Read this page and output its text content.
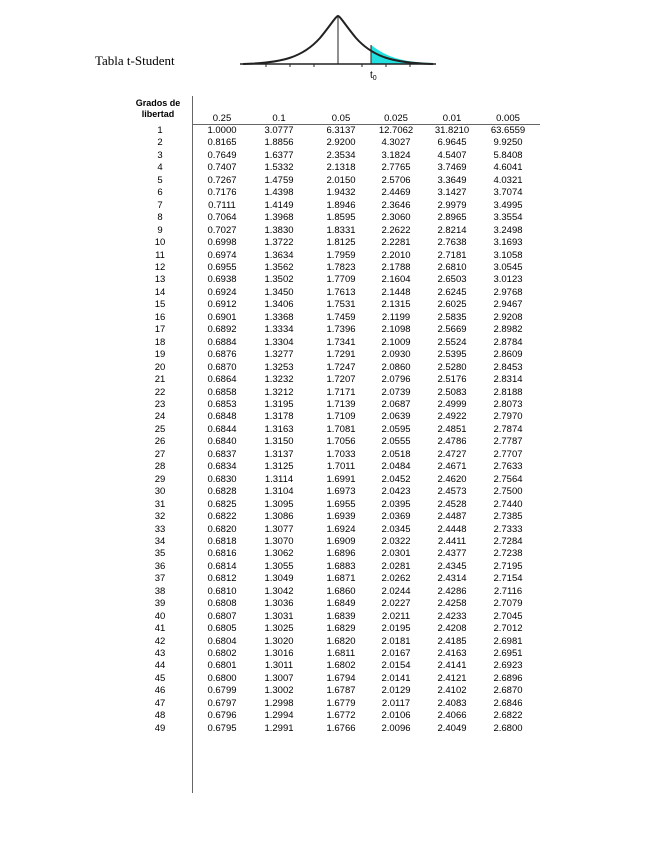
Tabla t-Student
$t_0$
Grados de
libertad	0.25	0.1	0.05	0.025	0.01	0.005
1	1.0000	3.0777	6.3137	12.7062	31.8210	63.6559
2	0.8165	1.8856	2.9200	4.3027	6.9645	9.9250
3	0.7649	1.6377	2.3534	3.1824	4.5407	5.8408
4	0.7407	1.5332	2.1318	2.7765	3.7469	4.6041
5	0.7267	1.4759	2.0150	2.5706	3.3649	4.0321
6	0.7176	1.4398	1.9432	2.4469	3.1427	3.7074
7	0.7111	1.4149	1.8946	2.3646	2.9979	3.4995
8	0.7064	1.3968	1.8595	2.3060	2.8965	3.3554
9	0.7027	1.3830	1.8331	2.2622	2.8214	3.2498
10	0.6998	1.3722	1.8125	2.2281	2.7638	3.1693
11	0.6974	1.3634	1.7959	2.2010	2.7181	3.1058
12	0.6955	1.3562	1.7823	2.1788	2.6810	3.0545
13	0.6938	1.3502	1.7709	2.1604	2.6503	3.0123
14	0.6924	1.3450	1.7613	2.1448	2.6245	2.9768
15	0.6912	1.3406	1.7531	2.1315	2.6025	2.9467
16	0.6901	1.3368	1.7459	2.1199	2.5835	2.9208
17	0.6892	1.3334	1.7396	2.1098	2.5669	2.8982
18	0.6884	1.3304	1.7341	2.1009	2.5524	2.8784
19	0.6876	1.3277	1.7291	2.0930	2.5395	2.8609
20	0.6870	1.3253	1.7247	2.0860	2.5280	2.8453
21	0.6864	1.3232	1.7207	2.0796	2.5176	2.8314
22	0.6858	1.3212	1.7171	2.0739	2.5083	2.8188
23	0.6853	1.3195	1.7139	2.0687	2.4999	2.8073
24	0.6848	1.3178	1.7109	2.0639	2.4922	2.7970
25	0.6844	1.3163	1.7081	2.0595	2.4851	2.7874
26	0.6840	1.3150	1.7056	2.0555	2.4786	2.7787
27	0.6837	1.3137	1.7033	2.0518	2.4727	2.7707
28	0.6834	1.3125	1.7011	2.0484	2.4671	2.7633
29	0.6830	1.3114	1.6991	2.0452	2.4620	2.7564
30	0.6828	1.3104	1.6973	2.0423	2.4573	2.7500
31	0.6825	1.3095	1.6955	2.0395	2.4528	2.7440
32	0.6822	1.3086	1.6939	2.0369	2.4487	2.7385
33	0.6820	1.3077	1.6924	2.0345	2.4448	2.7333
34	0.6818	1.3070	1.6909	2.0322	2.4411	2.7284
35	0.6816	1.3062	1.6896	2.0301	2.4377	2.7238
36	0.6814	1.3055	1.6883	2.0281	2.4345	2.7195
37	0.6812	1.3049	1.6871	2.0262	2.4314	2.7154
38	0.6810	1.3042	1.6860	2.0244	2.4286	2.7116
39	0.6808	1.3036	1.6849	2.0227	2.4258	2.7079
40	0.6807	1.3031	1.6839	2.0211	2.4233	2.7045
41	0.6805	1.3025	1.6829	2.0195	2.4208	2.7012
42	0.6804	1.3020	1.6820	2.0181	2.4185	2.6981
43	0.6802	1.3016	1.6811	2.0167	2.4163	2.6951
44	0.6801	1.3011	1.6802	2.0154	2.4141	2.6923
45	0.6800	1.3007	1.6794	2.0141	2.4121	2.6896
46	0.6799	1.3002	1.6787	2.0129	2.4102	2.6870
47	0.6797	1.2998	1.6779	2.0117	2.4083	2.6846
48	0.6796	1.2994	1.6772	2.0106	2.4066	2.6822
49	0.6795	1.2991	1.6766	2.0096	2.4049	2.6800
